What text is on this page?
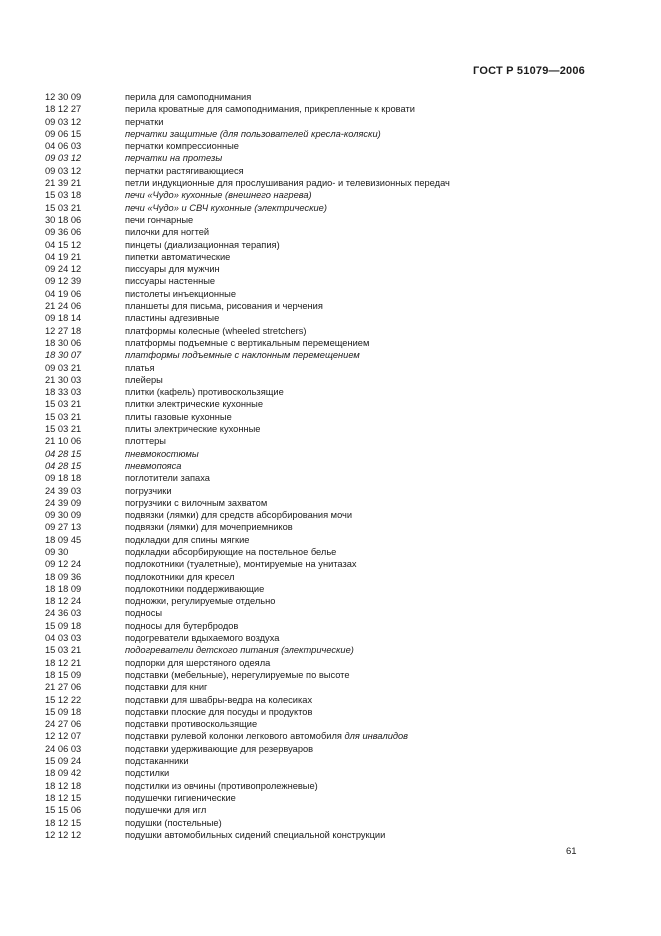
ГОСТ Р 51079—2006
12 30 09	перила для самоподнимания
18 12 27	перила кроватные для самоподнимания, прикрепленные к кровати
09 03 12	перчатки
09 06 15	перчатки защитные (для пользователей кресла-коляски)
04 06 03	перчатки компрессионные
09 03 12	перчатки на протезы
09 03 12	перчатки растягивающиеся
21 39 21	петли индукционные для прослушивания радио- и телевизионных передач
15 03 18	печи «Чудо» кухонные (внешнего нагрева)
15 03 21	печи «Чудо» и СВЧ кухонные (электрические)
30 18 06	печи гончарные
09 36 06	пилочки для ногтей
04 15 12	пинцеты (диализационная терапия)
04 19 21	пипетки автоматические
09 24 12	писсуары для мужчин
09 12 39	писсуары настенные
04 19 06	пистолеты инъекционные
21 24 06	планшеты для письма, рисования и черчения
09 18 14	пластины адгезивные
12 27 18	платформы колесные (wheeled stretchers)
18 30 06	платформы подъемные с вертикальным перемещением
18 30 07	платформы подъемные с наклонным перемещением
09 03 21	платья
21 30 03	плейеры
18 33 03	плитки (кафель) противоскользящие
15 03 21	плитки электрические кухонные
15 03 21	плиты газовые кухонные
15 03 21	плиты электрические кухонные
21 10 06	плоттеры
04 28 15	пневмокостюмы
04 28 15	пневмопояса
09 18 18	поглотители запаха
24 39 03	погрузчики
24 39 09	погрузчики с вилочным захватом
09 30 09	подвязки (лямки) для средств абсорбирования мочи
09 27 13	подвязки (лямки) для мочеприемников
18 09 45	подкладки для спины мягкие
09 30	подкладки абсорбирующие на постельное белье
09 12 24	подлокотники (туалетные), монтируемые на унитазах
18 09 36	подлокотники для кресел
18 18 09	подлокотники поддерживающие
18 12 24	подножки, регулируемые отдельно
24 36 03	подносы
15 09 18	подносы для бутербродов
04 03 03	подогреватели вдыхаемого воздуха
15 03 21	подогреватели детского питания (электрические)
18 12 21	подпорки для шерстяного одеяла
18 15 09	подставки (мебельные), нерегулируемые по высоте
21 27 06	подставки для книг
15 12 22	подставки для швабры-ведра на колесиках
15 09 18	подставки плоские для посуды и продуктов
24 27 06	подставки противоскользящие
12 12 07	подставки рулевой колонки легкового автомобиля для инвалидов
24 06 03	подставки удерживающие для резервуаров
15 09 24	подстаканники
18 09 42	подстилки
18 12 18	подстилки из овчины (противопролежневые)
18 12 15	подушечки гигиенические
15 15 06	подушечки для игл
18 12 15	подушки (постельные)
12 12 12	подушки автомобильных сидений специальной конструкции
61
